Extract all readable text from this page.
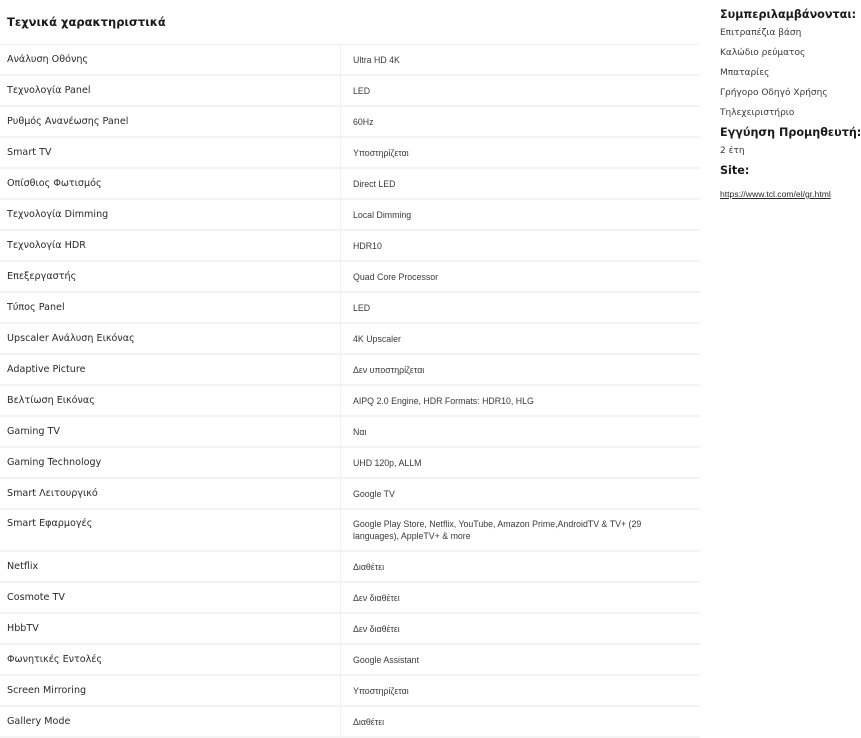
Τεχνικά χαρακτηριστικά
Ανάλυση Οθόνης	Ultra HD 4K
Τεχνολογία Panel	LED
Ρυθμός Ανανέωσης Panel	60Hz
Smart TV	Υποστηρίζεται
Οπίσθιος Φωτισμός	Direct LED
Τεχνολογία Dimming	Local Dimming
Τεχνολογία HDR	HDR10
Επεξεργαστής	Quad Core Processor
Τύπος Panel	LED
Upscaler Ανάλυση Εικόνας	4K Upscaler
Adaptive Picture	Δεν υποστηρίζεται
Βελτίωση Εικόνας	AIPQ 2.0 Engine, HDR Formats: HDR10, HLG
Gaming TV	Ναι
Gaming Technology	UHD 120p, ALLM
Smart Λειτουργικό	Google TV
Smart Εφαρμογές	Google Play Store, Netflix, YouTube, Amazon Prime,AndroidTV & TV+ (29 languages), AppleTV+ & more
Netflix	Διαθέτει
Cosmote TV	Δεν διαθέτει
HbbTV	Δεν διαθέτει
Φωνητικές Εντολές	Google Assistant
Screen Mirroring	Υποστηρίζεται
Gallery Mode	Διαθέτει
Συμπεριλαμβάνονται:
Επιτραπέζια βάση
Καλώδιο ρεύματος
Μπαταρίες
Γρήγορο Οδηγό Χρήσης
Τηλεχειριστήριο
Εγγύηση Προμηθευτή:
2 έτη
Site:
https://www.tcl.com/el/gr.html
